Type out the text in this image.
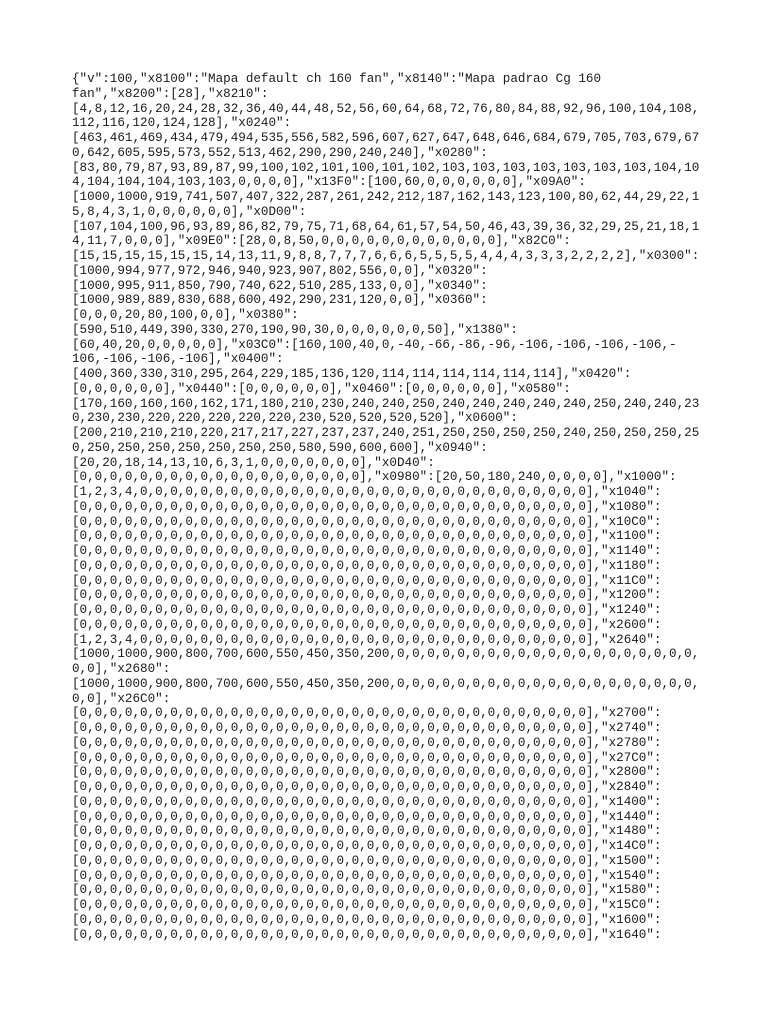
{"v":100,"x8100":"Mapa default ch 160 fan","x8140":"Mapa padrao Cg 160
fan","x8200":[28],"x8210":
[4,8,12,16,20,24,28,32,36,40,44,48,52,56,60,64,68,72,76,80,84,88,92,96,100,104,108,
112,116,120,124,128],"x0240":
[463,461,469,434,479,494,535,556,582,596,607,627,647,648,646,684,679,705,703,679,67
0,642,605,595,573,552,513,462,290,290,240,240],"x0280":
[83,80,79,87,93,89,87,99,100,102,101,100,101,102,103,103,103,103,103,103,103,104,10
4,104,104,104,103,103,0,0,0,0],"x13F0":[100,60,0,0,0,0,0,0],"x09A0":
[1000,1000,919,741,507,407,322,287,261,242,212,187,162,143,123,100,80,62,44,29,22,1
5,8,4,3,1,0,0,0,0,0,0],"x0D00":
[107,104,100,96,93,89,86,82,79,75,71,68,64,61,57,54,50,46,43,39,36,32,29,25,21,18,1
4,11,7,0,0,0],"x09E0":[28,0,8,50,0,0,0,0,0,0,0,0,0,0,0,0],"x82C0":
[15,15,15,15,15,15,14,13,11,9,8,8,7,7,7,6,6,6,5,5,5,5,4,4,4,3,3,3,2,2,2,2],"x0300":
[1000,994,977,972,946,940,923,907,802,556,0,0],"x0320":
[1000,995,911,850,790,740,622,510,285,133,0,0],"x0340":
[1000,989,889,830,688,600,492,290,231,120,0,0],"x0360":
[0,0,0,20,80,100,0,0],"x0380":
[590,510,449,390,330,270,190,90,30,0,0,0,0,0,0,50],"x1380":
[60,40,20,0,0,0,0,0],"x03C0":[160,100,40,0,-40,-66,-86,-96,-106,-106,-106,-106,-
106,-106,-106,-106],"x0400":
[400,360,330,310,295,264,229,185,136,120,114,114,114,114,114,114],"x0420":
[0,0,0,0,0,0],"x0440":[0,0,0,0,0,0],"x0460":[0,0,0,0,0,0],"x0580":
[170,160,160,160,162,171,180,210,230,240,240,250,240,240,240,240,240,250,240,240,23
0,230,230,220,220,220,220,220,230,520,520,520,520],"x0600":
[200,210,210,210,220,217,217,227,237,237,240,251,250,250,250,250,240,250,250,250,25
0,250,250,250,250,250,250,250,580,590,600,600],"x0940":
[20,20,18,14,13,10,6,3,1,0,0,0,0,0,0,0],"x0D40":
[0,0,0,0,0,0,0,0,0,0,0,0,0,0,0,0,0,0,0],"x0980":[20,50,180,240,0,0,0,0],"x1000":
[1,2,3,4,0,0,0,0,0,0,0,0,0,0,0,0,0,0,0,0,0,0,0,0,0,0,0,0,0,0,0,0,0,0],"x1040":
[0,0,0,0,0,0,0,0,0,0,0,0,0,0,0,0,0,0,0,0,0,0,0,0,0,0,0,0,0,0,0,0,0,0],"x1080":
[0,0,0,0,0,0,0,0,0,0,0,0,0,0,0,0,0,0,0,0,0,0,0,0,0,0,0,0,0,0,0,0,0,0],"x10C0":
[0,0,0,0,0,0,0,0,0,0,0,0,0,0,0,0,0,0,0,0,0,0,0,0,0,0,0,0,0,0,0,0,0,0],"x1100":
[0,0,0,0,0,0,0,0,0,0,0,0,0,0,0,0,0,0,0,0,0,0,0,0,0,0,0,0,0,0,0,0,0,0],"x1140":
[0,0,0,0,0,0,0,0,0,0,0,0,0,0,0,0,0,0,0,0,0,0,0,0,0,0,0,0,0,0,0,0,0,0],"x1180":
[0,0,0,0,0,0,0,0,0,0,0,0,0,0,0,0,0,0,0,0,0,0,0,0,0,0,0,0,0,0,0,0,0,0],"x11C0":
[0,0,0,0,0,0,0,0,0,0,0,0,0,0,0,0,0,0,0,0,0,0,0,0,0,0,0,0,0,0,0,0,0,0],"x1200":
[0,0,0,0,0,0,0,0,0,0,0,0,0,0,0,0,0,0,0,0,0,0,0,0,0,0,0,0,0,0,0,0,0,0],"x1240":
[0,0,0,0,0,0,0,0,0,0,0,0,0,0,0,0,0,0,0,0,0,0,0,0,0,0,0,0,0,0,0,0,0,0],"x2600":
[1,2,3,4,0,0,0,0,0,0,0,0,0,0,0,0,0,0,0,0,0,0,0,0,0,0,0,0,0,0,0,0,0,0],"x2640":
[1000,1000,900,800,700,600,550,450,350,200,0,0,0,0,0,0,0,0,0,0,0,0,0,0,0,0,0,0,0,0,
0,0],"x2680":
[1000,1000,900,800,700,600,550,450,350,200,0,0,0,0,0,0,0,0,0,0,0,0,0,0,0,0,0,0,0,0,
0,0],"x26C0":
[0,0,0,0,0,0,0,0,0,0,0,0,0,0,0,0,0,0,0,0,0,0,0,0,0,0,0,0,0,0,0,0,0,0],"x2700":
[0,0,0,0,0,0,0,0,0,0,0,0,0,0,0,0,0,0,0,0,0,0,0,0,0,0,0,0,0,0,0,0,0,0],"x2740":
[0,0,0,0,0,0,0,0,0,0,0,0,0,0,0,0,0,0,0,0,0,0,0,0,0,0,0,0,0,0,0,0,0,0],"x2780":
[0,0,0,0,0,0,0,0,0,0,0,0,0,0,0,0,0,0,0,0,0,0,0,0,0,0,0,0,0,0,0,0,0,0],"x27C0":
[0,0,0,0,0,0,0,0,0,0,0,0,0,0,0,0,0,0,0,0,0,0,0,0,0,0,0,0,0,0,0,0,0,0],"x2800":
[0,0,0,0,0,0,0,0,0,0,0,0,0,0,0,0,0,0,0,0,0,0,0,0,0,0,0,0,0,0,0,0,0,0],"x2840":
[0,0,0,0,0,0,0,0,0,0,0,0,0,0,0,0,0,0,0,0,0,0,0,0,0,0,0,0,0,0,0,0,0,0],"x1400":
[0,0,0,0,0,0,0,0,0,0,0,0,0,0,0,0,0,0,0,0,0,0,0,0,0,0,0,0,0,0,0,0,0,0],"x1440":
[0,0,0,0,0,0,0,0,0,0,0,0,0,0,0,0,0,0,0,0,0,0,0,0,0,0,0,0,0,0,0,0,0,0],"x1480":
[0,0,0,0,0,0,0,0,0,0,0,0,0,0,0,0,0,0,0,0,0,0,0,0,0,0,0,0,0,0,0,0,0,0],"x14C0":
[0,0,0,0,0,0,0,0,0,0,0,0,0,0,0,0,0,0,0,0,0,0,0,0,0,0,0,0,0,0,0,0,0,0],"x1500":
[0,0,0,0,0,0,0,0,0,0,0,0,0,0,0,0,0,0,0,0,0,0,0,0,0,0,0,0,0,0,0,0,0,0],"x1540":
[0,0,0,0,0,0,0,0,0,0,0,0,0,0,0,0,0,0,0,0,0,0,0,0,0,0,0,0,0,0,0,0,0,0],"x1580":
[0,0,0,0,0,0,0,0,0,0,0,0,0,0,0,0,0,0,0,0,0,0,0,0,0,0,0,0,0,0,0,0,0,0],"x15C0":
[0,0,0,0,0,0,0,0,0,0,0,0,0,0,0,0,0,0,0,0,0,0,0,0,0,0,0,0,0,0,0,0,0,0],"x1600":
[0,0,0,0,0,0,0,0,0,0,0,0,0,0,0,0,0,0,0,0,0,0,0,0,0,0,0,0,0,0,0,0,0,0],"x1640":
